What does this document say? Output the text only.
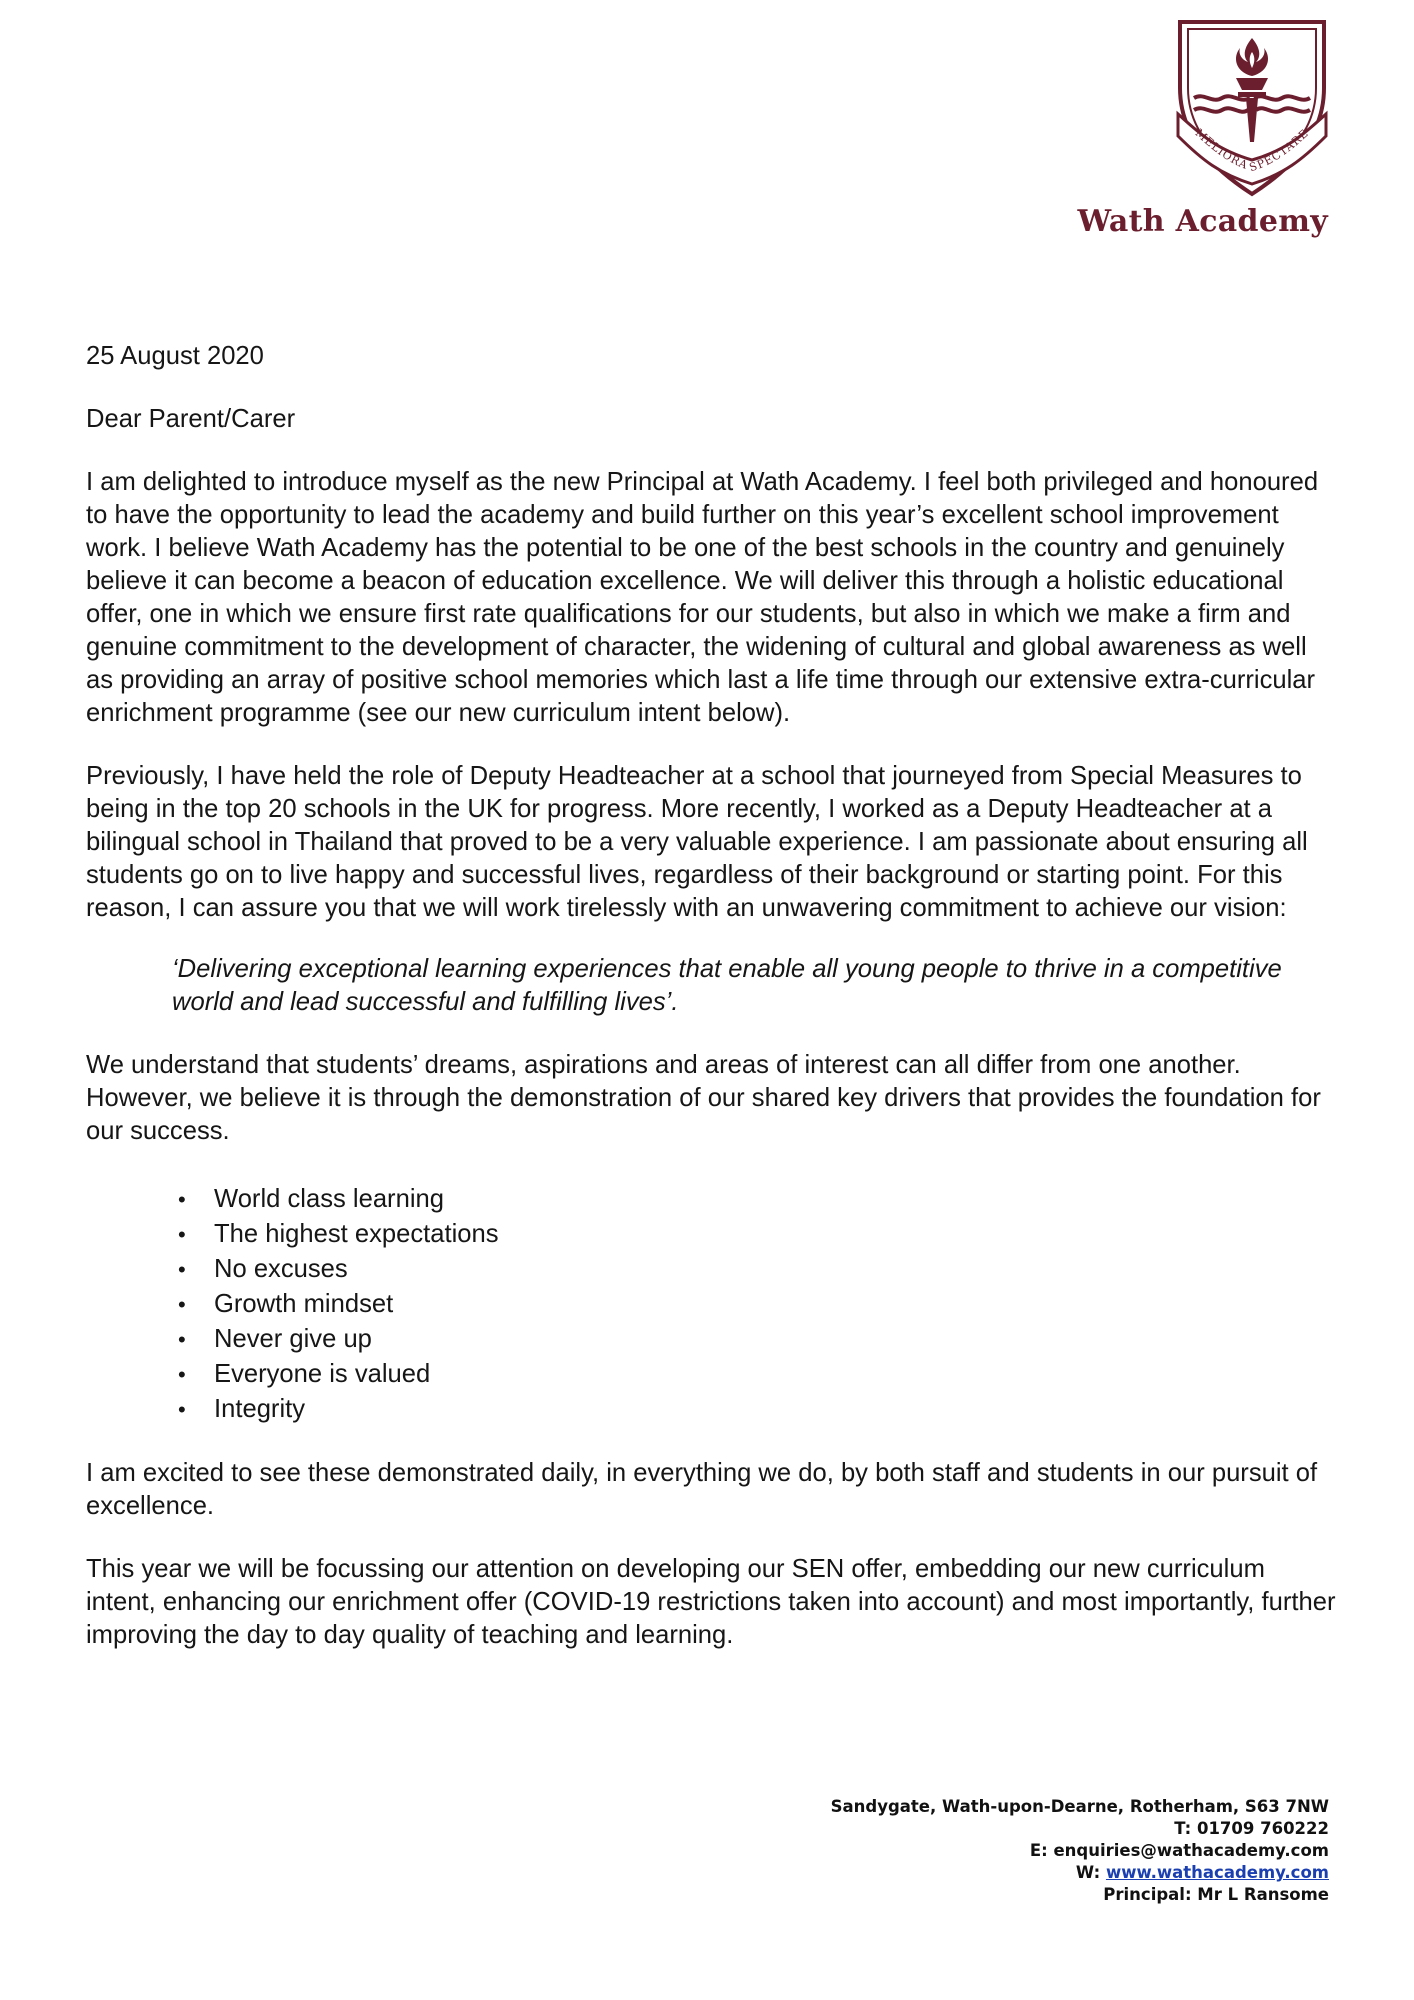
MELIORA SPECTARE
Wath Academy

25 August 2020

Dear Parent/Carer

I am delighted to introduce myself as the new Principal at Wath Academy. I feel both privileged and honoured to have the opportunity to lead the academy and build further on this year’s excellent school improvement work. I believe Wath Academy has the potential to be one of the best schools in the country and genuinely believe it can become a beacon of education excellence. We will deliver this through a holistic educational offer, one in which we ensure first rate qualifications for our students, but also in which we make a firm and genuine commitment to the development of character, the widening of cultural and global awareness as well as providing an array of positive school memories which last a life time through our extensive extra-curricular enrichment programme (see our new curriculum intent below).

Previously, I have held the role of Deputy Headteacher at a school that journeyed from Special Measures to being in the top 20 schools in the UK for progress. More recently, I worked as a Deputy Headteacher at a bilingual school in Thailand that proved to be a very valuable experience. I am passionate about ensuring all students go on to live happy and successful lives, regardless of their background or starting point. For this reason, I can assure you that we will work tirelessly with an unwavering commitment to achieve our vision:

‘Delivering exceptional learning experiences that enable all young people to thrive in a competitive world and lead successful and fulfilling lives’.

We understand that students’ dreams, aspirations and areas of interest can all differ from one another. However, we believe it is through the demonstration of our shared key drivers that provides the foundation for our success.

• World class learning
• The highest expectations
• No excuses
• Growth mindset
• Never give up
• Everyone is valued
• Integrity

I am excited to see these demonstrated daily, in everything we do, by both staff and students in our pursuit of excellence.

This year we will be focussing our attention on developing our SEN offer, embedding our new curriculum intent, enhancing our enrichment offer (COVID-19 restrictions taken into account) and most importantly, further improving the day to day quality of teaching and learning.

Sandygate, Wath-upon-Dearne, Rotherham, S63 7NW
T: 01709 760222
E: enquiries@wathacademy.com
W: www.wathacademy.com
Principal: Mr L Ransome
